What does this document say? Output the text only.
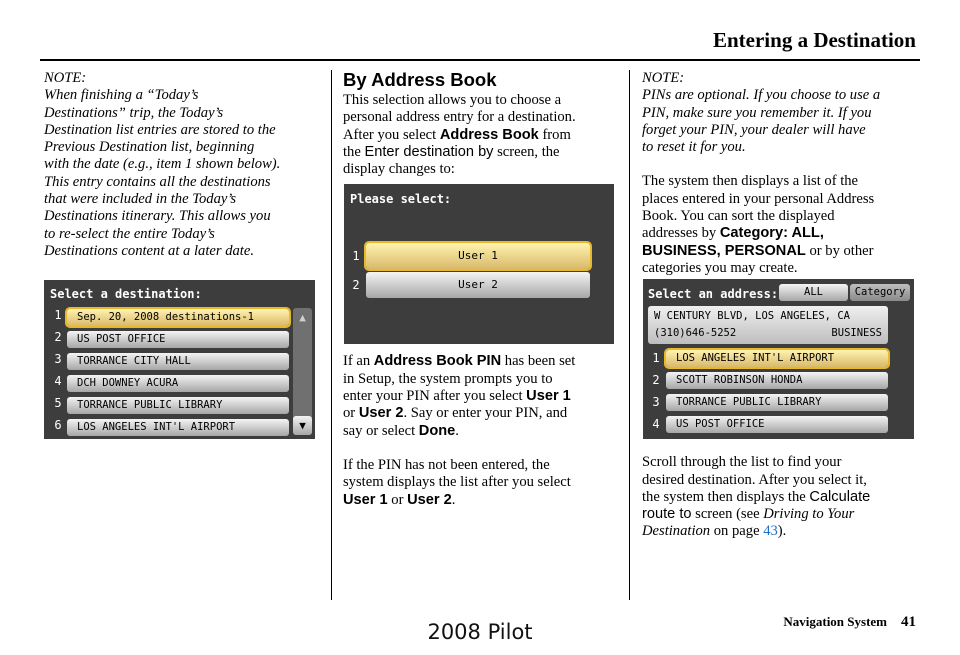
Entering a Destination

NOTE:

When finishing a “Today’s

Destinations” trip, the Today’s

Destination list entries are stored to the

Previous Destination list, beginning

with the date (e.g., item 1 shown below).

This entry contains all the destinations

that were included in the Today’s

Destinations itinerary. This allows you

to re-select the entire Today’s

Destinations content at a later date.

Select a destination:
1	Sep. 20, 2008 destinations-1
2	US POST OFFICE
3	TORRANCE CITY HALL
4	DCH DOWNEY ACURA
5	TORRANCE PUBLIC LIBRARY
6	LOS ANGELES INT'L AIRPORT
▲
▼
By Address Book

This selection allows you to choose a

personal address entry for a destination.

After you select Address Book from

the Enter destination by screen, the

display changes to:

If an Address Book PIN has been set

in Setup, the system prompts you to

enter your PIN after you select User 1

or User 2. Say or enter your PIN, and

say or select Done.

If the PIN has not been entered, the

system displays the list after you select

User 1 or User 2.

Please select:
1	User 1
2	User 2

NOTE:

PINs are optional. If you choose to use a

PIN, make sure you remember it. If you

forget your PIN, your dealer will have

to reset it for you.

The system then displays a list of the

places entered in your personal Address

Book. You can sort the displayed

addresses by Category: ALL,

BUSINESS, PERSONAL or by other

categories you may create.

Scroll through the list to find your

desired destination. After you select it,

the system then displays the Calculate

route to screen (see Driving to Your

Destination on page 43).

Select an address:	ALL	Category
W CENTURY BLVD, LOS ANGELES, CA
(310)646-5252	BUSINESS
1	LOS ANGELES INT'L AIRPORT
2	SCOTT ROBINSON HONDA
3	TORRANCE PUBLIC LIBRARY
4	US POST OFFICE
Navigation System 41
2008 Pilot
